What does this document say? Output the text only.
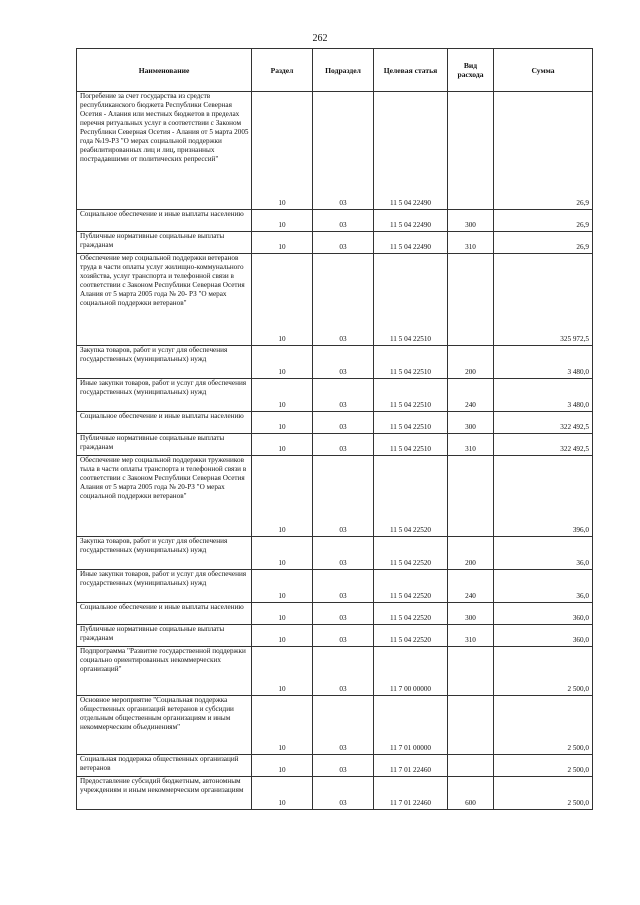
262
Наименование	Раздел	Подраздел	Целевая статья	Вид расхода	Сумма
Погребение за счет государства из средств республиканского бюджета Республики Северная Осетия - Алания или местных бюджетов в пределах перечня ритуальных услуг в соответствии с Законом Республики Северная Осетия - Алания от 5 марта 2005 года №19-РЗ "О мерах социальной поддержки реабилитированных лиц и лиц, признанных пострадавшими от политических репрессий"	10	03	11 5 04 22490		26,9
Социальное обеспечение и иные выплаты населению	10	03	11 5 04 22490	300	26,9
Публичные нормативные социальные выплаты гражданам	10	03	11 5 04 22490	310	26,9
Обеспечение мер социальной поддержки ветеранов труда в части оплаты услуг жилищно-коммунального хозяйства, услуг транспорта и телефонной связи в соответствии с Законом Республики Северная Осетия Алания от 5 марта 2005 года № 20- РЗ "О мерах социальной поддержки ветеранов"	10	03	11 5 04 22510		325 972,5
Закупка товаров, работ и услуг для обеспечения государственных (муниципальных) нужд	10	03	11 5 04 22510	200	3 480,0
Иные закупки товаров, работ и услуг для обеспечения государственных (муниципальных) нужд	10	03	11 5 04 22510	240	3 480,0
Социальное обеспечение и иные выплаты населению	10	03	11 5 04 22510	300	322 492,5
Публичные нормативные социальные выплаты гражданам	10	03	11 5 04 22510	310	322 492,5
Обеспечение мер социальной поддержки тружеников тыла в части оплаты транспорта и телефонной связи в соответствии с Законом Республики Северная Осетия Алания от 5 марта 2005 года № 20-РЗ "О мерах социальной поддержки ветеранов"	10	03	11 5 04 22520		396,0
Закупка товаров, работ и услуг для обеспечения государственных (муниципальных) нужд	10	03	11 5 04 22520	200	36,0
Иные закупки товаров, работ и услуг для обеспечения государственных (муниципальных) нужд	10	03	11 5 04 22520	240	36,0
Социальное обеспечение и иные выплаты населению	10	03	11 5 04 22520	300	360,0
Публичные нормативные социальные выплаты гражданам	10	03	11 5 04 22520	310	360,0
Подпрограмма "Развитие государственной поддержки социально ориентированных некоммерческих организаций"	10	03	11 7 00 00000		2 500,0
Основное мероприятие "Социальная поддержка общественных организаций ветеранов и субсидии отдельным общественным организациям и иным некоммерческим объединениям"	10	03	11 7 01 00000		2 500,0
Социальная поддержка общественных организаций ветеранов	10	03	11 7 01 22460		2 500,0
Предоставление субсидий бюджетным, автономным учреждениям и иным некоммерческим организациям	10	03	11 7 01 22460	600	2 500,0
